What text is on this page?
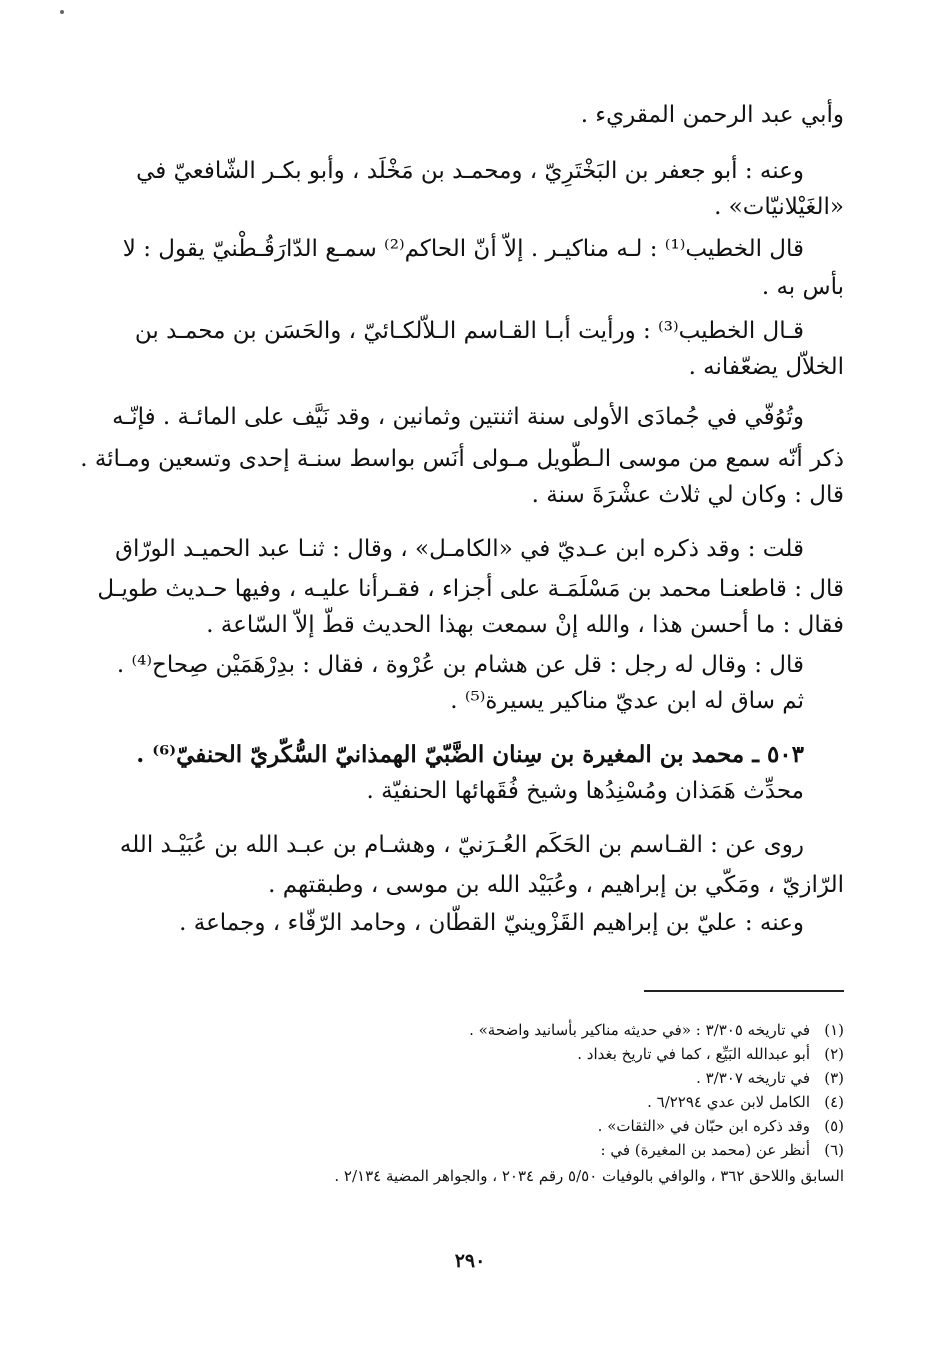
وأبي عبد الرحمن المقريء .
وعنه : أبو جعفر بن البَخْتَرِيّ ، ومحمـد بن مَخْلَد ، وأبو بكـر الشّافعيّ في
«الغَيْلانيّات» .
قال الخطيب⁽¹⁾ : لـه مناكيـر . إلاّ أنّ الحاكم⁽²⁾ سمـع الدّارَقُـطْنيّ يقول : لا
بأس به .
قـال الخطيب⁽³⁾ : ورأيت أبـا القـاسم الـلاّلكـائيّ ، والحَسَن بن محمـد بن
الخلاّل يضعّفانه .
وتُوُفّي في جُمادَى الأولى سنة اثنتين وثمانين ، وقد نَيَّف على المائـة . فإنّـه
ذكر أنّه سمع من موسى الـطّويل مـولى أنَس بواسط سنـة إحدى وتسعين ومـائة .
قال : وكان لي ثلاث عشْرَةَ سنة .
قلت : وقد ذكره ابن عـديّ في «الكامـل» ، وقال : ثنـا عبد الحميـد الورّاق
قال : قاطعنـا محمد بن مَسْلَمَـة على أجزاء ، فقـرأنا عليـه ، وفيها حـديث طويـل
فقال : ما أحسن هذا ، والله إنْ سمعت بهذا الحديث قطّ إلاّ السّاعة .
قال : وقال له رجل : قل عن هشام بن عُرْوة ، فقال : بدِرْهَمَيْن صِحاح⁽⁴⁾ .
ثم ساق له ابن عديّ مناكير يسيرة⁽⁵⁾ .
٥٠٣ ـ محمد بن المغيرة بن سِنان الضَّبّيّ الهمذانيّ السُّكّريّ الحنفيّ⁽⁶⁾ .
محدِّث هَمَذان ومُسْنِدُها وشيخ فُقَهائها الحنفيّة .
روى عن : القـاسم بن الحَكَم العُـرَنيّ ، وهشـام بن عبـد الله بن عُبَيْـد الله
الرّازيّ ، ومَكّي بن إبراهيم ، وعُبَيْد الله بن موسى ، وطبقتهم .
وعنه : عليّ بن إبراهيم القَزْوينيّ القطّان ، وحامد الرّفّاء ، وجماعة .
(١)في تاريخه ٣/٣٠٥ : «في حديثه مناكير بأسانيد واضحة» .
(٢)أبو عبدالله البَيِّع ، كما في تاريخ بغداد .
(٣)في تاريخه ٣/٣٠٧ .
(٤)الكامل لابن عدي ٦/٢٢٩٤ .
(٥)وقد ذكره ابن حبّان في «الثقات» .
(٦)أنظر عن (محمد بن المغيرة) في :
السابق واللاحق ٣٦٢ ، والوافي بالوفيات ٥/٥٠ رقم ٢٠٣٤ ، والجواهر المضية ٢/١٣٤ .
٢٩٠
